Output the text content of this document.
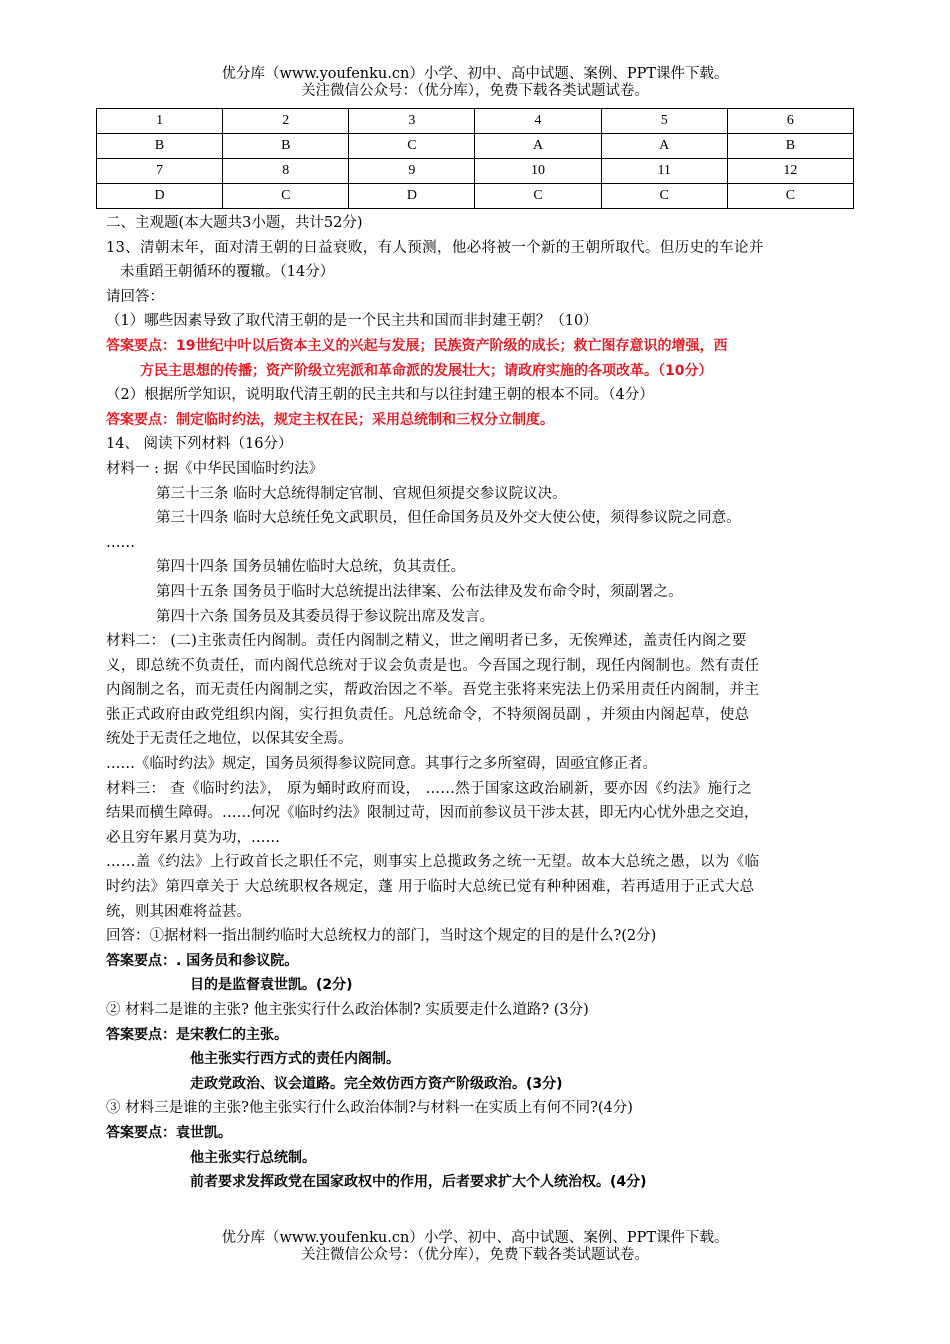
优分库（www.youfenku.cn）小学、初中、高中试题、案例、PPT课件下载。
关注微信公众号：（优分库），免费下载各类试题试卷。
1	2	3	4	5	6
B	B	C	A	A	B
7	8	9	10	11	12
D	C	D	C	C	C
二、主观题(本大题共3小题，共计52分)
13、清朝末年，面对清王朝的日益衰败，有人预测，他必将被一个新的王朝所取代。但历史的车论并
未重蹈王朝循环的覆辙。（14分）
请回答：
（1）哪些因素导致了取代清王朝的是一个民主共和国而非封建王朝？（10）
答案要点：19世纪中叶以后资本主义的兴起与发展；民族资产阶级的成长；救亡图存意识的增强，西
方民主思想的传播；资产阶级立宪派和革命派的发展壮大；请政府实施的各项改革。（10分）
（2）根据所学知识，说明取代清王朝的民主共和与以往封建王朝的根本不同。（4分）
答案要点：制定临时约法，规定主权在民；采用总统制和三权分立制度。
14、 阅读下列材料（16分）
材料一 : 据《中华民国临时约法》
第三十三条 临时大总统得制定官制、官规但须提交参议院议决。
第三十四条 临时大总统任免文武职员，但任命国务员及外交大使公使，须得参议院之同意。
……
第四十四条 国务员辅佐临时大总统，负其责任。
第四十五条 国务员于临时大总统提出法律案、公布法律及发布命令时，须副署之。
第四十六条 国务员及其委员得于参议院出席及发言。
材料二： (二)主张责任内阁制。责任内阁制之精义，世之阐明者已多，无俟殚述，盖责任内阁之要
义，即总统不负责任，而内阁代总统对于议会负责是也。今吾国之现行制，现任内阁制也。然有责任
内阁制之名，而无责任内阁制之实，帮政治因之不举。吾党主张将来宪法上仍采用责任内阁制，并主
张正式政府由政党组织内阁，实行担负责任。凡总统命令，不特须阁员副 ，并须由内阁起草，使总
统处于无责任之地位，以保其安全焉。
……《临时约法》规定，国务员须得参议院同意。其事行之多所窒碍，固亟宜修正者。
材料三： 查《临时约法》， 原为蛹时政府而设， ……然于国家这政治刷新，要亦因《约法》施行之
结果而横生障碍。……何况《临时约法》限制过苛，因而前参议员干涉太甚，即无内心忧外患之交迫，
必且穷年累月莫为功，……
……盖《约法》上行政首长之职任不完，则事实上总揽政务之统一无望。故本大总统之愚，以为《临
时约法》第四章关于 大总统职权各规定，蓬 用于临时大总统已觉有种种困难，若再适用于正式大总
统，则其困难将益甚。
回答：①据材料一指出制约临时大总统权力的部门，当时这个规定的目的是什么?(2分)
答案要点：. 国务员和参议院。
目的是监督袁世凯。(2分)
② 材料二是谁的主张? 他主张实行什么政治体制? 实质要走什么道路? (3分)
答案要点：是宋教仁的主张。
他主张实行西方式的责任内阁制。
走政党政治、议会道路。完全效仿西方资产阶级政治。(3分)
③ 材料三是谁的主张?他主张实行什么政治体制?与材料一在实质上有何不同?(4分)
答案要点：袁世凯。
他主张实行总统制。
前者要求发挥政党在国家政权中的作用，后者要求扩大个人统治权。(4分)
优分库（www.youfenku.cn）小学、初中、高中试题、案例、PPT课件下载。
关注微信公众号：（优分库），免费下载各类试题试卷。
